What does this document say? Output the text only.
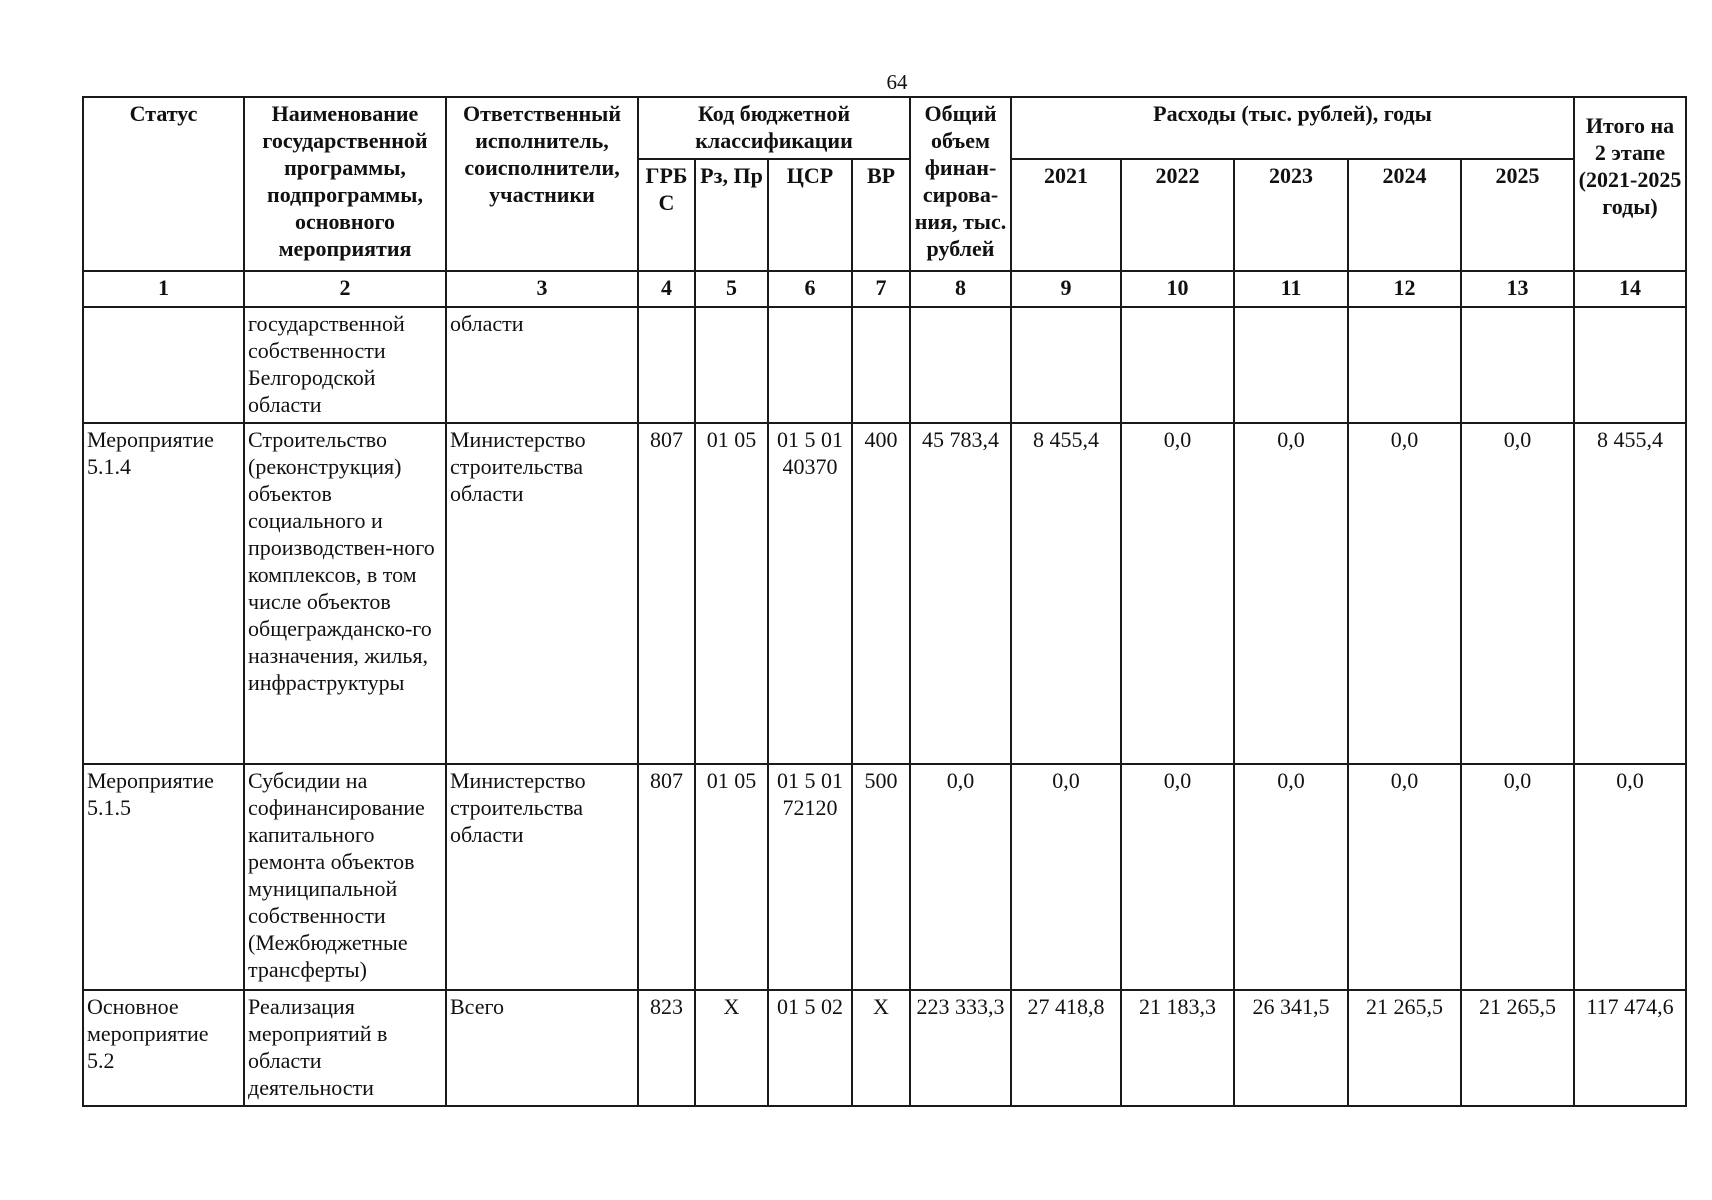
64
Статус	Наименование государственной программы, подпрограммы, основного мероприятия	Ответственный исполнитель, соисполнители, участники	Код бюджетной классификации				Общий объем финан-сирова-ния, тыс. рублей	Расходы (тыс. рублей), годы					Итого на 2 этапе (2021-2025 годы)
			ГРБ С	Рз, Пр	ЦСР	ВР		2021	2022	2023	2024	2025	
1	2	3	4	5	6	7	8	9	10	11	12	13	14
	государственной собственности Белгородской области	области											
Мероприятие 5.1.4	Строительство (реконструкция) объектов социального и производствен-ного комплексов, в том числе объектов общегражданско-го назначения, жилья, инфраструктуры	Министерство строительства области	807	01 05	01 5 01 40370	400	45 783,4	8 455,4	0,0	0,0	0,0	0,0	8 455,4
Мероприятие 5.1.5	Субсидии на софинансирование капитального ремонта объектов муниципальной собственности (Межбюджетные трансферты)	Министерство строительства области	807	01 05	01 5 01 72120	500	0,0	0,0	0,0	0,0	0,0	0,0	0,0
Основное мероприятие 5.2	Реализация мероприятий в области деятельности	Всего	823	Х	01 5 02	Х	223 333,3	27 418,8	21 183,3	26 341,5	21 265,5	21 265,5	117 474,6
